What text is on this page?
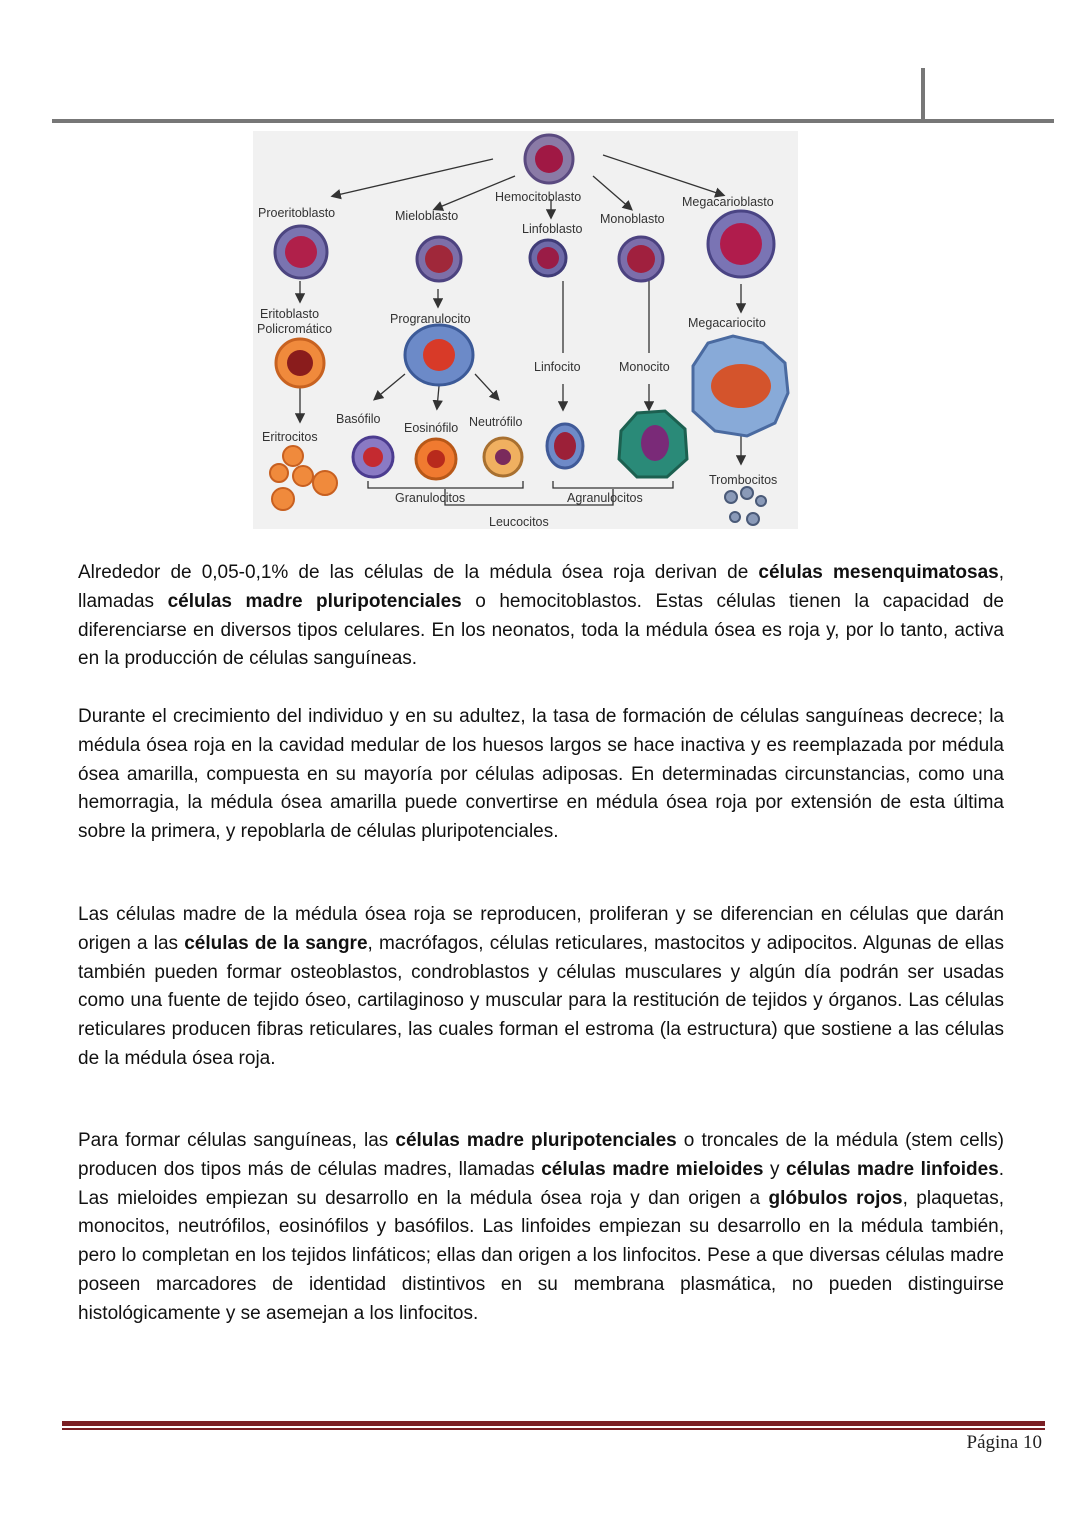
Hemocitoblasto
Proeritoblasto	Mieloblasto
Linfoblasto
Monoblasto
Megacarioblasto
Eritoblasto
Policromático
Progranulocito
Linfocito	Monocito
Megacariocito
Basófilo
Eosinófilo Neutrófilo
Eritrocitos
Trombocitos
Granulocitos	Agranulocitos
Leucocitos

Alrededor de 0,05-0,1% de las células de la médula ósea roja derivan de células mesenquimatosas, llamadas células madre pluripotenciales o hemocitoblastos. Estas células tienen la capacidad de diferenciarse en diversos tipos celulares. En los neonatos, toda la médula ósea es roja y, por lo tanto, activa en la producción de células sanguíneas.

Durante el crecimiento del individuo y en su adultez, la tasa de formación de células sanguíneas decrece; la médula ósea roja en la cavidad medular de los huesos largos se hace inactiva y es reemplazada por médula ósea amarilla, compuesta en su mayoría por células adiposas. En determinadas circunstancias, como una hemorragia, la médula ósea amarilla puede convertirse en médula ósea roja por extensión de esta última sobre la primera, y repoblarla de células pluripotenciales.

Las células madre de la médula ósea roja se reproducen, proliferan y se diferencian en células que darán origen a las células de la sangre, macrófagos, células reticulares, mastocitos y adipocitos. Algunas de ellas también pueden formar osteoblastos, condroblastos y células musculares y algún día podrán ser usadas como una fuente de tejido óseo, cartilaginoso y muscular para la restitución de tejidos y órganos. Las células reticulares producen fibras reticulares, las cuales forman el estroma (la estructura) que sostiene a las células de la médula ósea roja.

Para formar células sanguíneas, las células madre pluripotenciales o troncales de la médula (stem cells) producen dos tipos más de células madres, llamadas células madre mieloides y células madre linfoides. Las mieloides empiezan su desarrollo en la médula ósea roja y dan origen a glóbulos rojos, plaquetas, monocitos, neutrófilos, eosinófilos y basófilos. Las linfoides empiezan su desarrollo en la médula también, pero lo completan en los tejidos linfáticos; ellas dan origen a los linfocitos. Pese a que diversas células madre poseen marcadores de identidad distintivos en su membrana plasmática, no pueden distinguirse histológicamente y se asemejan a los linfocitos.

Página 10
